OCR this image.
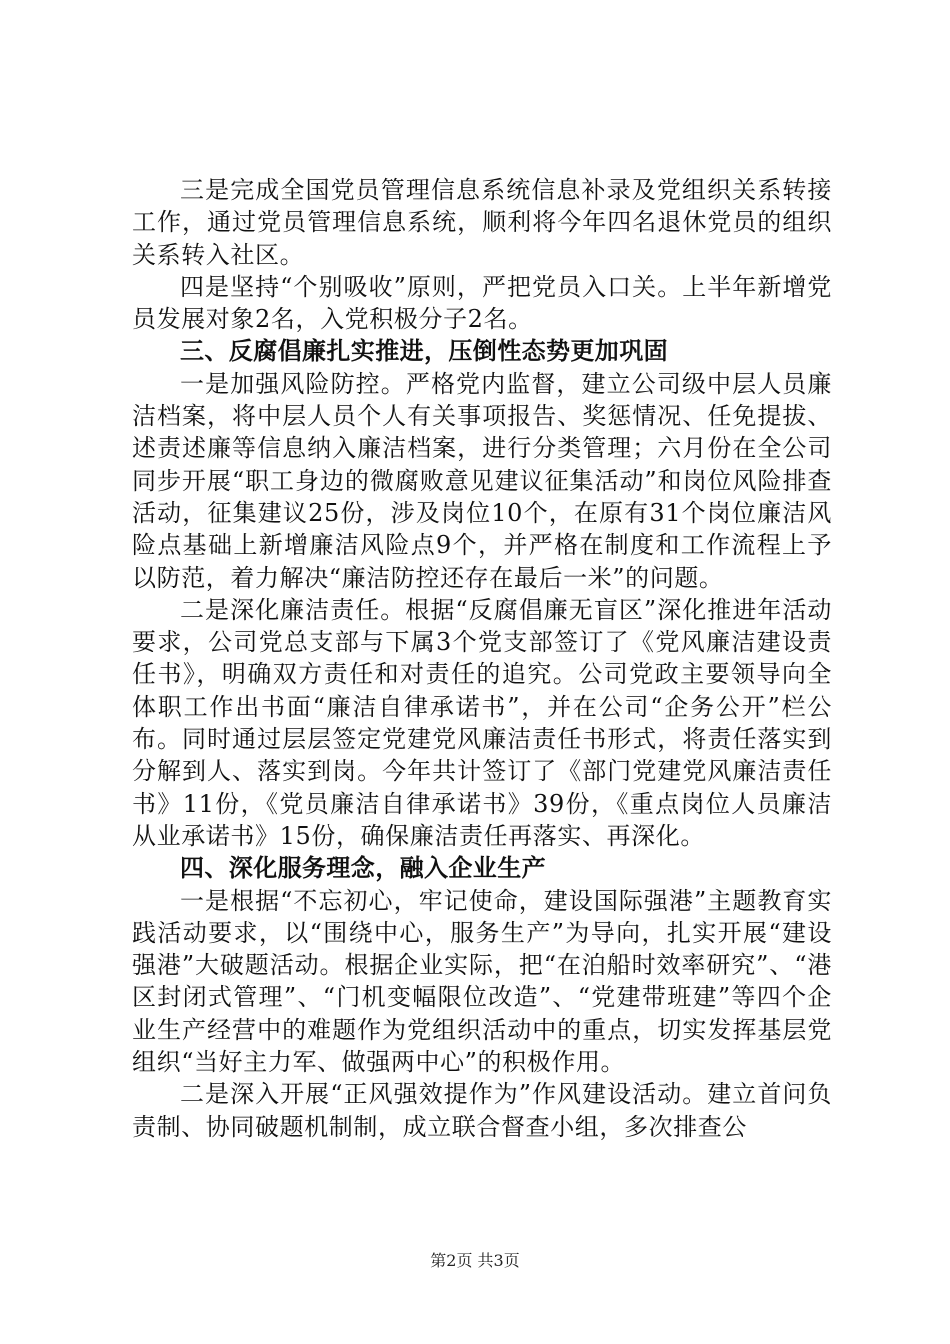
三是完成全国党员管理信息系统信息补录及党组织关系转接工作，通过党员管理信息系统，顺利将今年四名退休党员的组织关系转入社区。

四是坚持“个别吸收”原则，严把党员入口关。上半年新增党员发展对象2名，入党积极分子2名。

三、反腐倡廉扎实推进，压倒性态势更加巩固

一是加强风险防控。严格党内监督，建立公司级中层人员廉洁档案，将中层人员个人有关事项报告、奖惩情况、任免提拔、述责述廉等信息纳入廉洁档案，进行分类管理；六月份在全公司同步开展“职工身边的微腐败意见建议征集活动”和岗位风险排查活动，征集建议25份，涉及岗位10个，在原有31个岗位廉洁风险点基础上新增廉洁风险点9个，并严格在制度和工作流程上予以防范，着力解决“廉洁防控还存在最后一米”的问题。

二是深化廉洁责任。根据“反腐倡廉无盲区”深化推进年活动要求，公司党总支部与下属3个党支部签订了《党风廉洁建设责任书》，明确双方责任和对责任的追究。公司党政主要领导向全体职工作出书面“廉洁自律承诺书”，并在公司“企务公开”栏公布。同时通过层层签定党建党风廉洁责任书形式，将责任落实到分解到人、落实到岗。今年共计签订了《部门党建党风廉洁责任书》11份，《党员廉洁自律承诺书》39份，《重点岗位人员廉洁从业承诺书》15份，确保廉洁责任再落实、再深化。

四、深化服务理念，融入企业生产

一是根据“不忘初心，牢记使命，建设国际强港”主题教育实践活动要求，以“围绕中心，服务生产”为导向，扎实开展“建设强港”大破题活动。根据企业实际，把“在泊船时效率研究”、“港区封闭式管理”、“门机变幅限位改造”、“党建带班建”等四个企业生产经营中的难题作为党组织活动中的重点，切实发挥基层党组织“当好主力军、做强两中心”的积极作用。

二是深入开展“正风强效提作为”作风建设活动。建立首问负责制、协同破题机制制，成立联合督查小组，多次排查公

第2页 共3页
